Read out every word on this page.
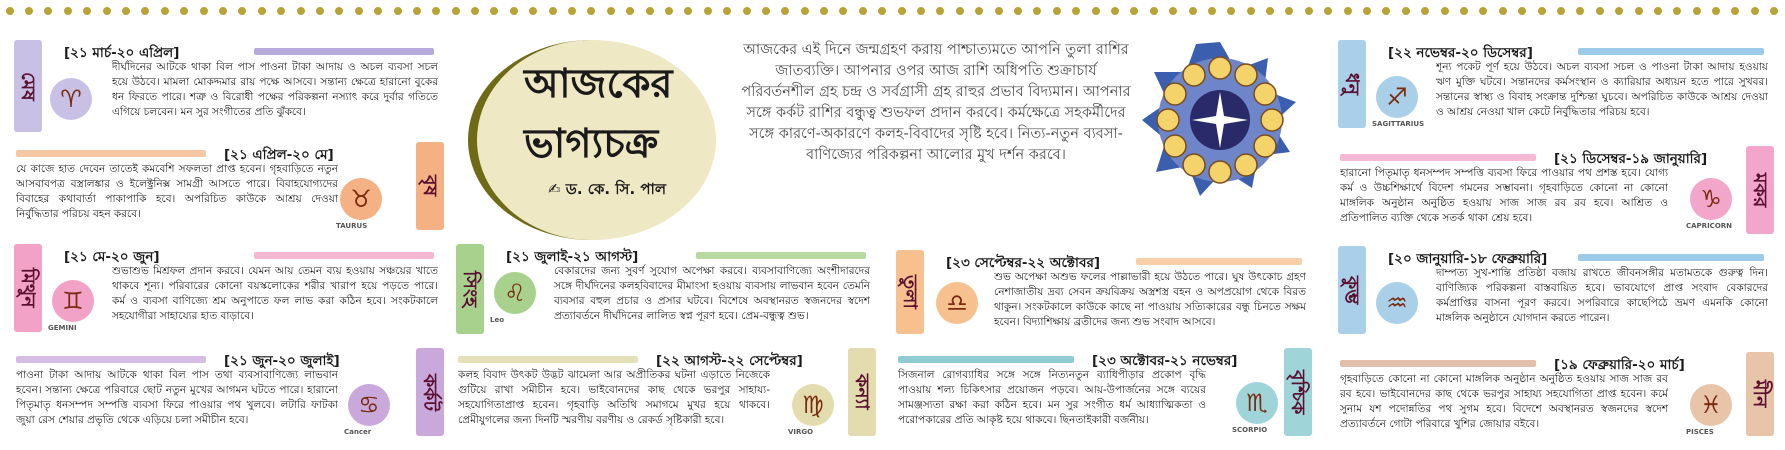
আজকের
ভাগ্যচক্র
✍ ড. কে. সি. পাল
আজকের এই দিনে জন্মগ্রহণ করায় পাশ্চাত্যমতে আপনি তুলা রাশির জাতব্যক্তি। আপনার ওপর আজ রাশি অধিপতি শুক্রাচার্য পরিবর্তনশীল গ্রহ চন্দ্র ও সর্বগ্রাসী গ্রহ রাহুর প্রভাব বিদ্যমান। আপনার সঙ্গে কর্কট রাশির বন্ধুত্ব শুভফল প্রদান করবে। কর্মক্ষেত্রে সহকর্মীদের সঙ্গে কারণে-অকারণে কলহ-বিবাদের সৃষ্টি হবে। নিত্য-নতুন ব্যবসা-বাণিজ্যের পরিকল্পনা আলোর মুখ দর্শন করবে।
মেষ
[২১ মার্চ-২০ এপ্রিল]
♈
দীর্ঘদিনের আটকে থাকা বিল পাস পাওনা টাকা আদায় ও অচল ব্যবসা সচল হয়ে উঠবে। মামলা মোকদ্দমার রায় পক্ষে আসবে। সন্তান্য ক্ষেত্রে হারানো বুকের ধন ফিরতে পারে। শত্রু ও বিরোধী পক্ষের পরিকল্পনা নস্যাৎ করে দুর্বার গতিতে এগিয়ে চলবেন। মন সুর সংগীতের প্রতি ঝুঁকবে।
বৃষ
[২১ এপ্রিল-২০ মে]
♉
TAURUS
যে কাজে হাত দেবেন তাতেই কমবেশি সফলতা প্রাপ্ত হবেন। গৃহবাড়িতে নতুন আসবাবপত্র বস্ত্রালঙ্কার ও ইলেক্ট্রনিক্স সামগ্রী আসতে পারে। বিবাহযোগ্যদের বিবাহের কথাবার্তা পাকাপাকি হবে। অপরিচিত কাউকে আশ্রয় দেওয়া নির্বুদ্ধিতার পরিচয় বহন করবে।
মিথুন
[২১ মে-২০ জুন]
♊
GEMINI
শুভাশুভ মিশ্রফল প্রদান করবে। যেমন আয় তেমন ব্যয় হওয়ায় সঞ্চয়ের খাতে থাকবে শূন্য। পরিবারের কোনো বয়স্কলোকের শরীর খারাপ হয়ে পড়তে পারে। কর্ম ও ব্যবসা বাণিজ্যে শ্রম অনুপাতে ফল লাভ করা কঠিন হবে। সংকটকালে সহযোগীরা সাহায্যের হাত বাড়াবে।
কর্কট
[২১ জুন-২০ জুলাই]
♋
Cancer
পাওনা টাকা আদায় আটকে থাকা বিল পাস তথা ব্যবসাবাণিজ্যে লাভবান হবেন। সন্তান্য ক্ষেত্রে পরিবারে ছোট নতুন মুখের আগমন ঘটতে পারে। হারানো পিতৃমাতৃ ধনসম্পদ সম্পত্তি ব্যবসা ফিরে পাওয়ার পথ খুলবে। লটারি ফাটকা জুয়া রেস শেয়ার প্রভৃতি থেকে এড়িয়ে চলা সমীচীন হবে।
সিংহ
[২১ জুলাই-২১ আগস্ট]
♌
Leo
বেকারদের জন্য সুবর্ণ সুযোগ অপেক্ষা করবে। ব্যবসাবাণিজ্যে অংশীদারদের সঙ্গে দীর্ঘদিনের কলহবিবাদের মীমাংসা হওয়ায় ব্যবসায় লাভবান হবেন তেমনি ব্যবসার বহুল প্রচার ও প্রসার ঘটবে। বিশেষে অবস্থানরত স্বজনদের স্বদেশ প্রত্যাবর্তনে দীর্ঘদিনের লালিত স্বপ্ন পূরণ হবে। প্রেম-বন্ধুত্ব শুভ।
কন্যা
[২২ আগস্ট-২২ সেপ্টেম্বর]
♍
VIRGO
কলহ বিবাদ উৎকট উদ্ভট ঝামেলা আর অপ্রীতিকর ঘটনা এড়াতে নিজেকে গুটিয়ে রাখা সমীচীন হবে। ভাইবোনদের কাছ থেকে ভরপুর সাহায্য-সহযোগিতাপ্রাপ্ত হবেন। গৃহবাড়ি অতিথি সমাগমে মুখর হয়ে থাকবে। প্রেমীযুগলের জন্য দিনটি স্মরণীয় বরণীয় ও রেকর্ড সৃষ্টিকারী হবে।
তুলা
[২৩ সেপ্টেম্বর-২২ অক্টোবর]
♎
শুভ অপেক্ষা অশুভ ফলের পাল্লাভারী হয়ে উঠতে পারে। ঘুষ উৎকোচ গ্রহণ নেশাজাতীয় দ্রব্য সেবন ক্রয়বিক্রয় অস্ত্রশস্ত্র বহন ও অপপ্রয়োগ থেকে বিরত থাকুন। সংকটকালে কাউকে কাছে না পাওয়ায় সত্যিকারের বন্ধু চিনতে সক্ষম হবেন। বিদ্যাশিক্ষায় ব্রতীদের জন্য শুভ সংবাদ আসবে।
বৃশ্চিক
[২৩ অক্টোবর-২১ নভেম্বর]
♏
SCORPIO
সিজনাল রোগব্যাধির সঙ্গে সঙ্গে নিত্যনতুন ব্যাধিপীড়ার প্রকোপ বৃদ্ধি পাওয়ায় শল্য চিকিৎসার প্রয়োজন পড়বে। আয়-উপার্জনের সঙ্গে ব্যয়ের সামঞ্জস্যতা রক্ষা করা কঠিন হবে। মন সুর সংগীত ধর্ম আধ্যাত্মিকতা ও পরোপকারের প্রতি আকৃষ্ট হয়ে থাকবে। ছিনতাইকারী বর্জনীয়।
ধনু
[২২ নভেম্বর-২০ ডিসেম্বর]
♐
SAGITTARIUS
শূন্য পকেট পূর্ণ হয়ে উঠবে। অচল ব্যবসা সচল ও পাওনা টাকা আদায় হওয়ায় ঋণ মুক্তি ঘটবে। সন্তানদের কর্মসংস্থান ও ক্যারিয়ার অধ্যয়ন হতে পারে সুখবর। সন্তানের স্বাস্থ্য ও বিবাহ সংক্রান্ত দুশ্চিন্তা ঘুচবে। অপরিচিত কাউকে আশ্রয় দেওয়া ও আশ্রয় নেওয়া খাল কেটে নির্বুদ্ধিতার পরিচয় হবে।
মকর
[২১ ডিসেম্বর-১৯ জানুয়ারি]
♑
CAPRICORN
হারানো পিতৃমাতৃ ধনসম্পদ সম্পত্তি ব্যবসা ফিরে পাওয়ার পথ প্রশস্ত হবে। যোগ্য কর্ম ও উচ্চশিক্ষার্থে বিদেশ গমনের সম্ভাবনা। গৃহবাড়িতে কোনো না কোনো মাঙ্গলিক অনুষ্ঠান অনুষ্ঠিত হওয়ায় সাজ সাজ রব রব হবে। আশ্রিত ও প্রতিপালিত ব্যক্তি থেকে সতর্ক থাকা শ্রেয় হবে।
কুম্ভ
[২০ জানুয়ারি-১৮ ফেব্রুয়ারি]
♒
দাম্পত্য সুখ-শান্তি প্রতিষ্ঠা বজায় রাখতে জীবনসঙ্গীর মতামতকে গুরুত্ব দিন। বাণিজ্যিক পরিকল্পনা বাস্তবায়িত হবে। ভাবযোগে প্রাপ্ত সংবাদ বেকারদের কর্মপ্রাপ্তির বাসনা পূরণ করবে। সপরিবারে কাছেপিঠে ভ্রমণ এমনকি কোনো মাঙ্গলিক অনুষ্ঠানে যোগদান করতে পারেন।
মীন
[১৯ ফেব্রুয়ারি-২০ মার্চ]
♓
PISCES
গৃহবাড়িতে কোনো না কোনো মাঙ্গলিক অনুষ্ঠান অনুষ্ঠিত হওয়ায় সাজ সাজ রব রব হবে। ভাইবোনদের কাছ থেকে ভরপুর সাহায্য সহযোগিতা প্রাপ্ত হবেন। কর্মে সুনাম যশ পদোন্নতির পথ সুগম হবে। বিদেশে অবস্থানরত স্বজনদের স্বদেশ প্রত্যাবর্তনে গোটা পরিবারে খুশির জোয়ার বইবে।
